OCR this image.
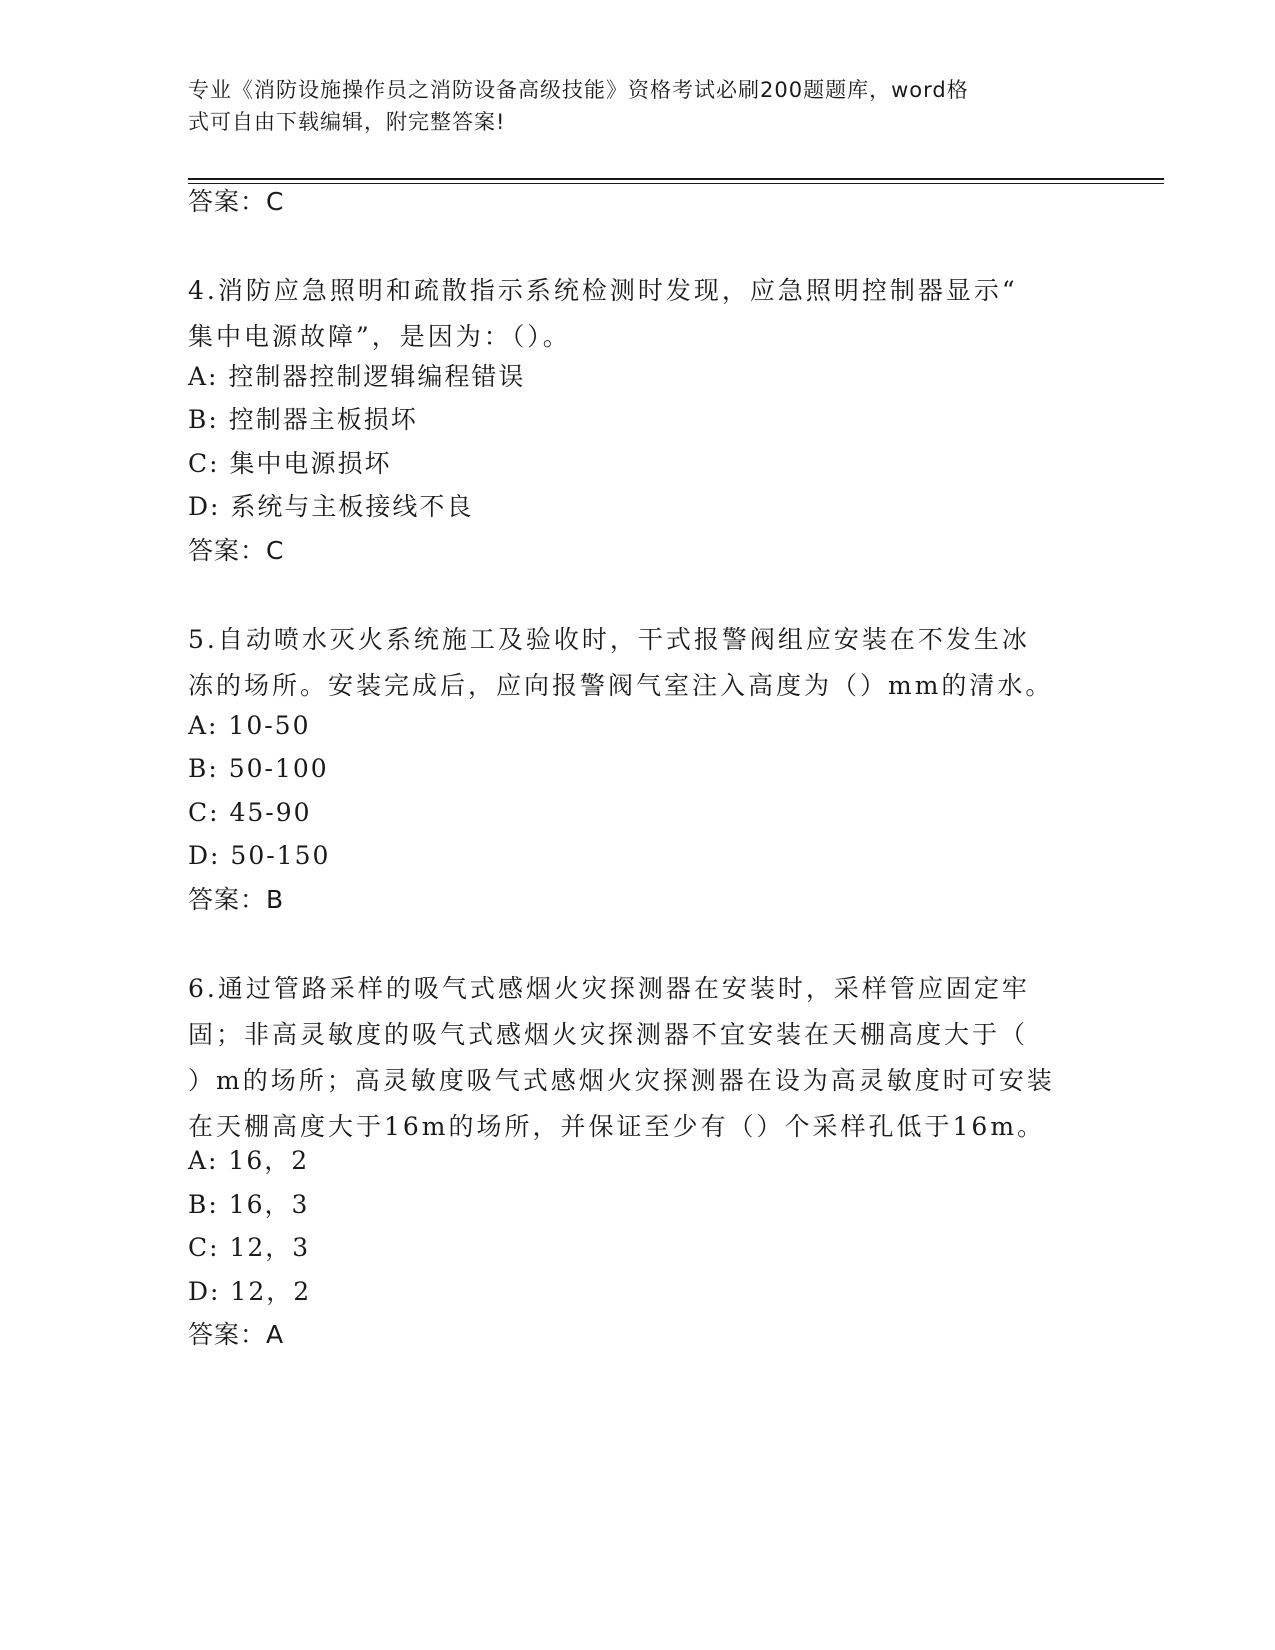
专业《消防设施操作员之消防设备高级技能》资格考试必刷200题题库，word格
式可自由下载编辑，附完整答案!
答案：C
4.消防应急照明和疏散指示系统检测时发现，应急照明控制器显示“
集中电源故障”，是因为：（）。
A: 控制器控制逻辑编程错误
B: 控制器主板损坏
C: 集中电源损坏
D: 系统与主板接线不良
答案：C
5.自动喷水灭火系统施工及验收时，干式报警阀组应安装在不发生冰
冻的场所。安装完成后，应向报警阀气室注入高度为（）mm的清水。
A: 10-50
B: 50-100
C: 45-90
D: 50-150
答案：B
6.通过管路采样的吸气式感烟火灾探测器在安装时，采样管应固定牢
固；非高灵敏度的吸气式感烟火灾探测器不宜安装在天棚高度大于（
）m的场所；高灵敏度吸气式感烟火灾探测器在设为高灵敏度时可安装
在天棚高度大于16m的场所，并保证至少有（）个采样孔低于16m。
A: 16，2
B: 16，3
C: 12，3
D: 12，2
答案：A
